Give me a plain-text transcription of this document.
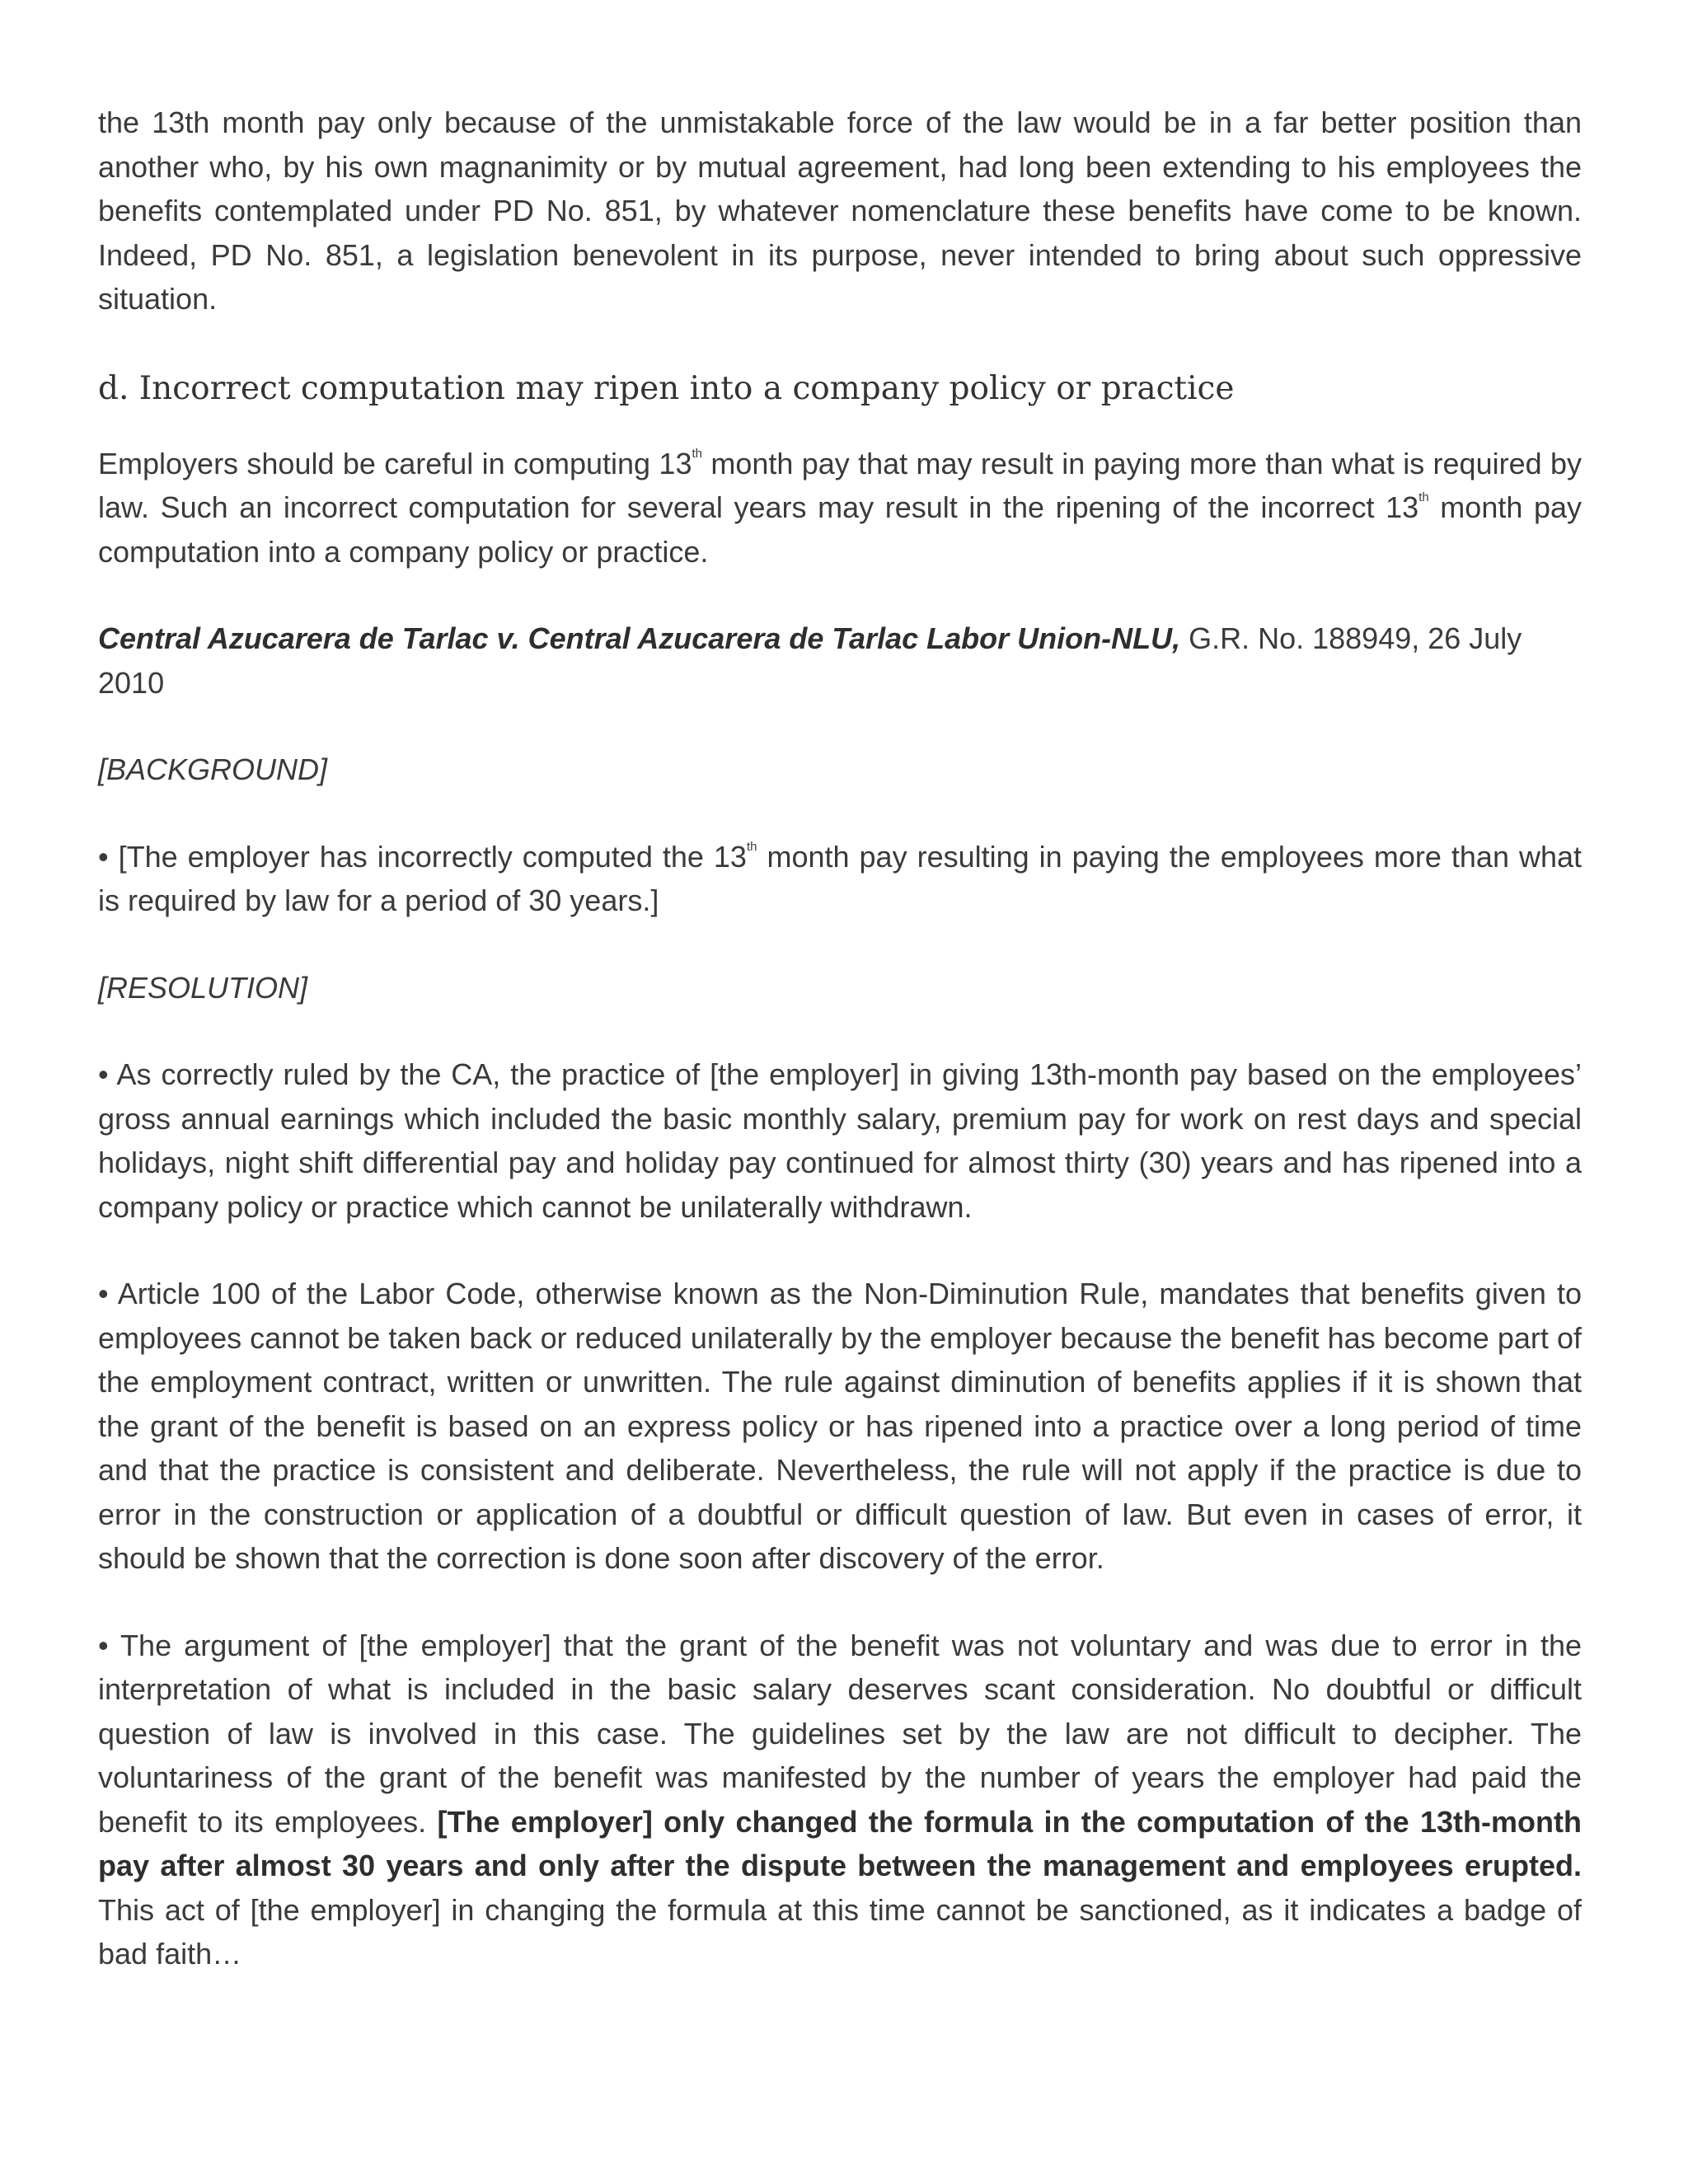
the 13th month pay only because of the unmistakable force of the law would be in a far better position than another who, by his own magnanimity or by mutual agreement, had long been extending to his employees the benefits contemplated under PD No. 851, by whatever nomenclature these benefits have come to be known. Indeed, PD No. 851, a legislation benevolent in its purpose, never intended to bring about such oppressive situation.

d. Incorrect computation may ripen into a company policy or practice

Employers should be careful in computing 13th month pay that may result in paying more than what is required by law. Such an incorrect computation for several years may result in the ripening of the incorrect 13th month pay computation into a company policy or practice.

Central Azucarera de Tarlac v. Central Azucarera de Tarlac Labor Union-NLU, G.R. No. 188949, 26 July 2010

[BACKGROUND]

• [The employer has incorrectly computed the 13th month pay resulting in paying the employees more than what is required by law for a period of 30 years.]

[RESOLUTION]

• As correctly ruled by the CA, the practice of [the employer] in giving 13th-month pay based on the employees’ gross annual earnings which included the basic monthly salary, premium pay for work on rest days and special holidays, night shift differential pay and holiday pay continued for almost thirty (30) years and has ripened into a company policy or practice which cannot be unilaterally withdrawn.

• Article 100 of the Labor Code, otherwise known as the Non-Diminution Rule, mandates that benefits given to employees cannot be taken back or reduced unilaterally by the employer because the benefit has become part of the employment contract, written or unwritten. The rule against diminution of benefits applies if it is shown that the grant of the benefit is based on an express policy or has ripened into a practice over a long period of time and that the practice is consistent and deliberate. Nevertheless, the rule will not apply if the practice is due to error in the construction or application of a doubtful or difficult question of law. But even in cases of error, it should be shown that the correction is done soon after discovery of the error.

• The argument of [the employer] that the grant of the benefit was not voluntary and was due to error in the interpretation of what is included in the basic salary deserves scant consideration. No doubtful or difficult question of law is involved in this case. The guidelines set by the law are not difficult to decipher. The voluntariness of the grant of the benefit was manifested by the number of years the employer had paid the benefit to its employees. [The employer] only changed the formula in the computation of the 13th-month pay after almost 30 years and only after the dispute between the management and employees erupted. This act of [the employer] in changing the formula at this time cannot be sanctioned, as it indicates a badge of bad faith…
